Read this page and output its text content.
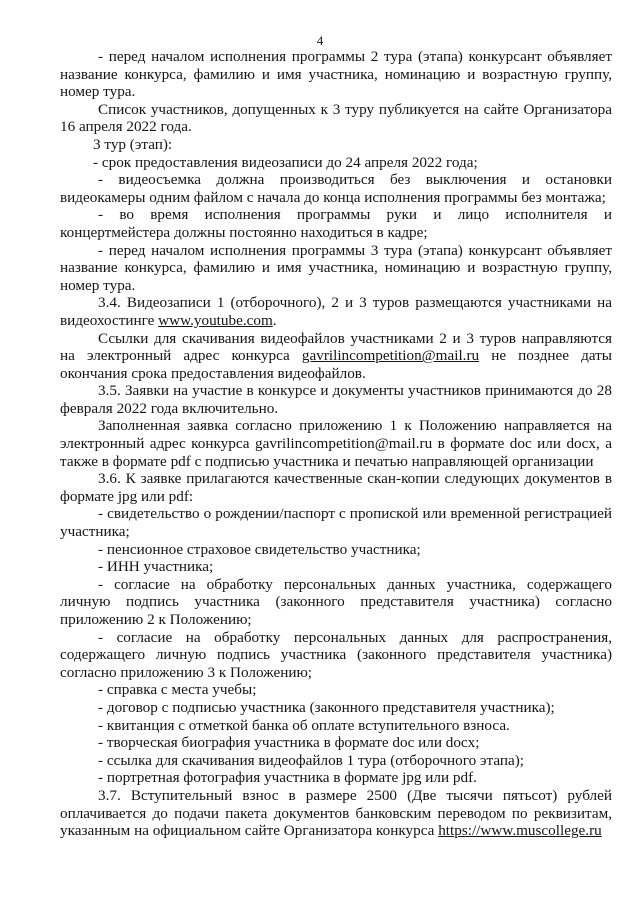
4

- перед началом исполнения программы 2 тура (этапа) конкурсант объявляет название конкурса, фамилию и имя участника, номинацию и возрастную группу, номер тура.

Список участников, допущенных к 3 туру публикуется на сайте Организатора 16 апреля 2022 года.

3 тур (этап):

- срок предоставления видеозаписи до 24 апреля 2022 года;

- видеосъемка должна производиться без выключения и остановки видеокамеры одним файлом с начала до конца исполнения программы без монтажа;

- во время исполнения программы руки и лицо исполнителя и концертмейстера должны постоянно находиться в кадре;

- перед началом исполнения программы 3 тура (этапа) конкурсант объявляет название конкурса, фамилию и имя участника, номинацию и возрастную группу, номер тура.

3.4. Видеозаписи 1 (отборочного), 2 и 3 туров размещаются участниками на видеохостинге www.youtube.com.

Ссылки для скачивания видеофайлов участниками 2 и 3 туров направляются на электронный адрес конкурса gavrilincompetition@mail.ru не позднее даты окончания срока предоставления видеофайлов.

3.5. Заявки на участие в конкурсе и документы участников принимаются до 28 февраля 2022 года включительно.

Заполненная заявка согласно приложению 1 к Положению направляется на электронный адрес конкурса gavrilincompetition@mail.ru в формате doc или docx, а также в формате pdf с подписью участника и печатью направляющей организации

3.6. К заявке прилагаются качественные скан-копии следующих документов в формате jpg или pdf:

- свидетельство о рождении/паспорт с пропиской или временной регистрацией участника;

- пенсионное страховое свидетельство участника;

- ИНН участника;

- согласие на обработку персональных данных участника, содержащего личную подпись участника (законного представителя участника) согласно приложению 2 к Положению;

- согласие на обработку персональных данных для распространения, содержащего личную подпись участника (законного представителя участника) согласно приложению 3 к Положению;

- справка с места учебы;

- договор с подписью участника (законного представителя участника);

- квитанция с отметкой банка об оплате вступительного взноса.

- творческая биография участника в формате doc или docx;

- ссылка для скачивания видеофайлов 1 тура (отборочного этапа);

- портретная фотография участника в формате jpg или pdf.

3.7. Вступительный взнос в размере 2500 (Две тысячи пятьсот) рублей оплачивается до подачи пакета документов банковским переводом по реквизитам, указанным на официальном сайте Организатора конкурса https://www.muscollege.ru
